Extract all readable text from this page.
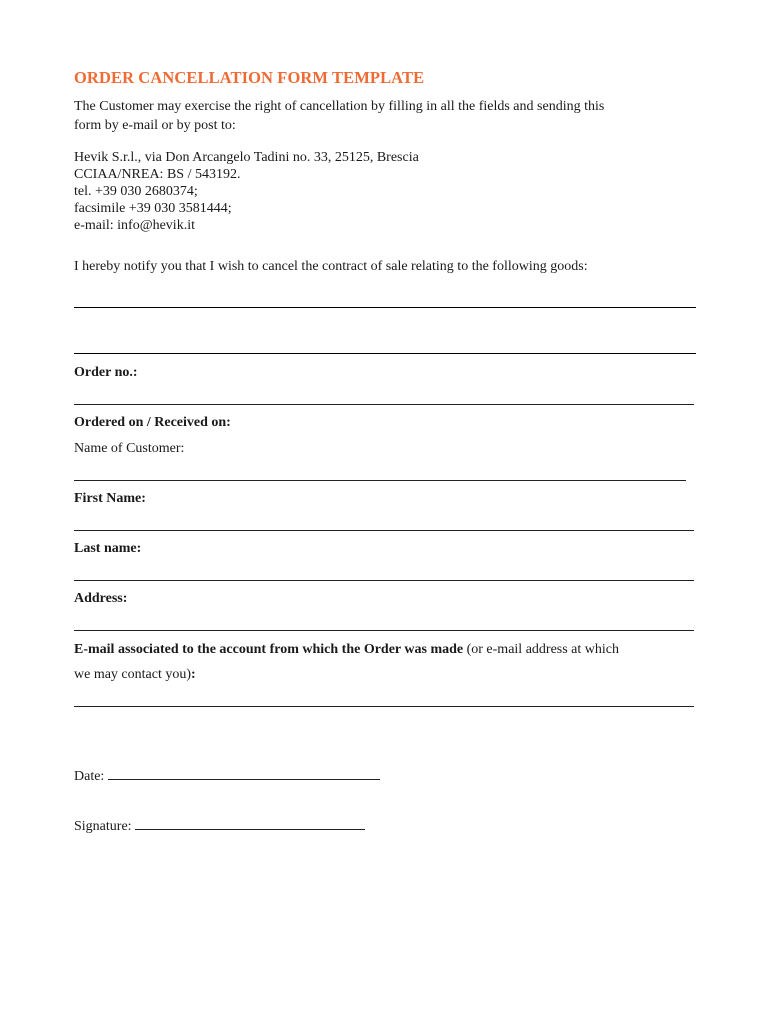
ORDER CANCELLATION FORM TEMPLATE
The Customer may exercise the right of cancellation by filling in all the fields and sending this
form by e-mail or by post to:
Hevik S.r.l., via Don Arcangelo Tadini no. 33, 25125, Brescia
CCIAA/NREA: BS / 543192.
tel. +39 030 2680374;
facsimile +39 030 3581444;
e-mail: info@hevik.it
I hereby notify you that I wish to cancel the contract of sale relating to the following goods:
Order no.:
Ordered on / Received on:
Name of Customer:
First Name:
Last name:
Address:
E-mail associated to the account from which the Order was made (or e-mail address at which
we may contact you):
Date:
Signature:
